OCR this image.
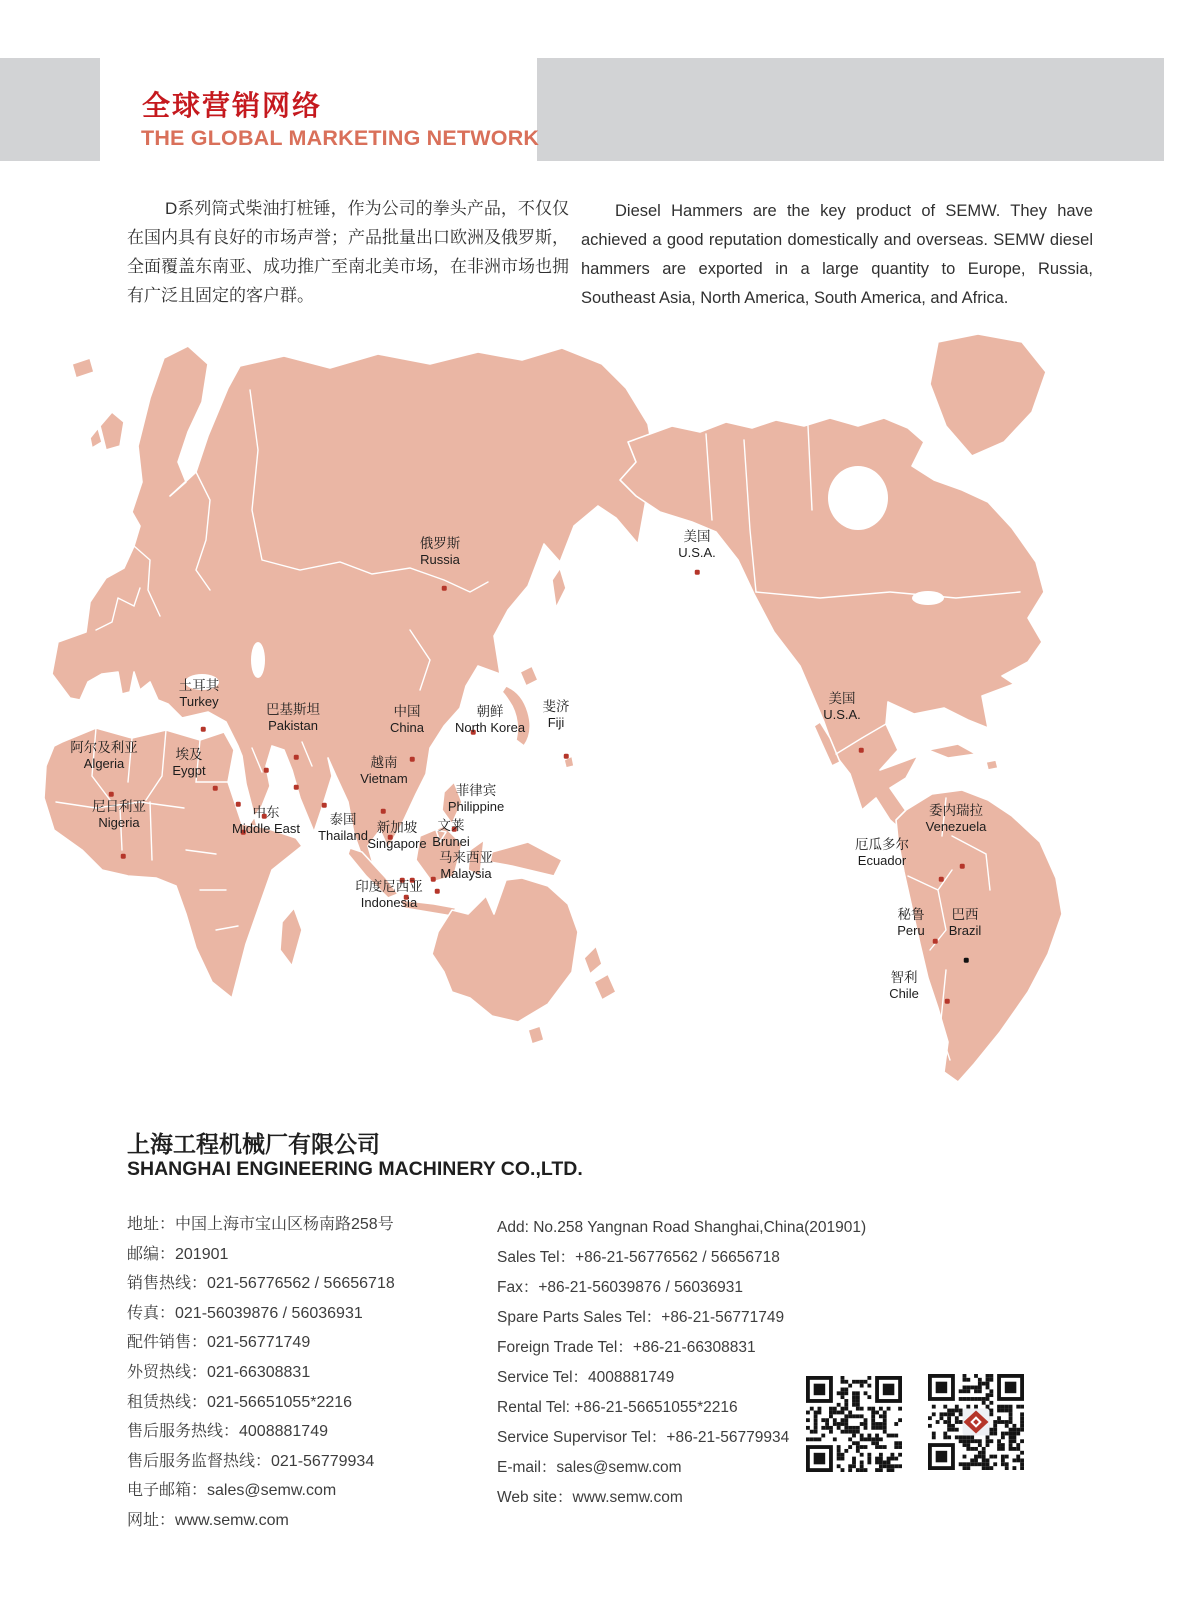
全球营销网络
THE GLOBAL MARKETING NETWORK
D系列筒式柴油打桩锤，作为公司的拳头产品，不仅仅在国内具有良好的市场声誉；产品批量出口欧洲及俄罗斯，全面覆盖东南亚、成功推广至南北美市场，在非洲市场也拥有广泛且固定的客户群。
Diesel Hammers are the key product of SEMW. They have achieved a good reputation domestically and overseas. SEMW diesel hammers are exported in a large quantity to Europe, Russia, Southeast Asia, North America, South America, and Africa.
俄罗斯
Russia
美国
U.S.A.
土耳其
Turkey
巴基斯坦
Pakistan
中国
China
朝鲜
North Korea
斐济
Fiji
阿尔及利亚
Algeria
埃及
Eygpt
越南
Vietnam
菲律宾
Philippine
尼日利亚
Nigeria
中东
Middle East
泰国
Thailand
新加坡
Singapore
文莱
Brunei
马来西亚
Malaysia
印度尼西亚
Indonesia
美国
U.S.A.
委内瑞拉
Venezuela
厄瓜多尔
Ecuador
秘鲁
Peru
巴西
Brazil
智利
Chile
上海工程机械厂有限公司
SHANGHAI ENGINEERING MACHINERY CO.,LTD.
地址：中国上海市宝山区杨南路258号
邮编：201901
销售热线：021-56776562 / 56656718
传真：021-56039876 / 56036931
配件销售：021-56771749
外贸热线：021-66308831
租赁热线：021-56651055*2216
售后服务热线：4008881749
售后服务监督热线：021-56779934
电子邮箱：sales@semw.com
网址：www.semw.com
Add: No.258 Yangnan Road Shanghai,China(201901)
Sales Tel：+86-21-56776562 / 56656718
Fax：+86-21-56039876 / 56036931
Spare Parts Sales Tel：+86-21-56771749
Foreign Trade Tel：+86-21-66308831
Service Tel：4008881749
Rental Tel: +86-21-56651055*2216
Service Supervisor Tel：+86-21-56779934
E-mail：sales@semw.com
Web site：www.semw.com
